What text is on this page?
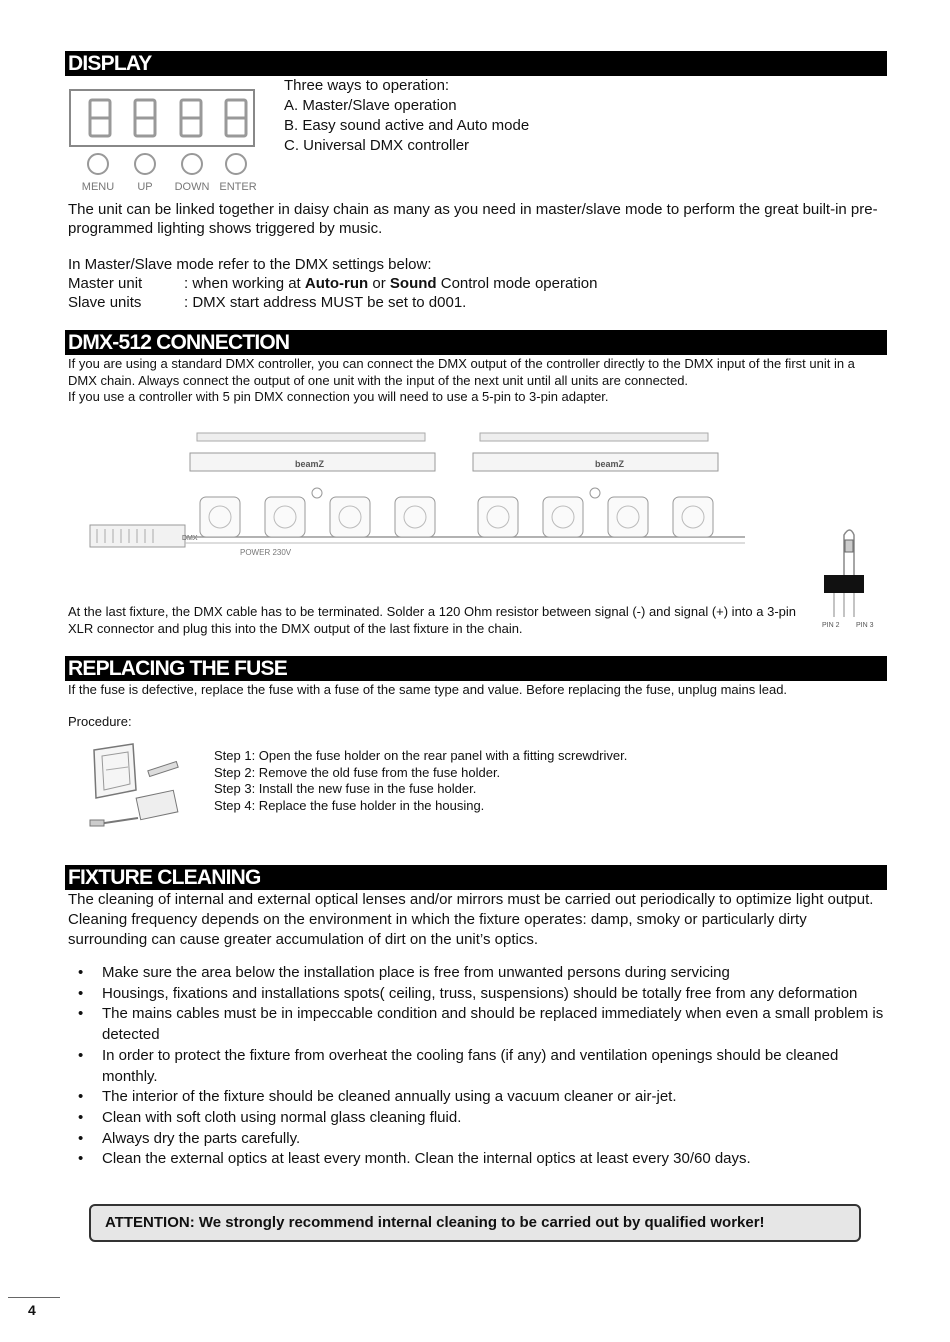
DISPLAY
MENU UP DOWN ENTER
Three ways to operation:
A. Master/Slave operation
B. Easy sound active and Auto mode
C. Universal DMX controller
The unit can be linked together in daisy chain as many as you need in master/slave mode to perform the great built-in pre-programmed lighting shows triggered by music.
In Master/Slave mode refer to the DMX settings below:
Master unit	: when working at Auto-run or Sound Control mode operation
Slave units	: DMX start address MUST be set to d001.
DMX-512 CONNECTION
If you are using a standard DMX controller, you can connect the DMX output of the controller directly to the DMX input of the first unit in a DMX chain. Always connect the output of one unit with the input of the next unit until all units are connected.
If you use a controller with 5 pin DMX connection you will need to use a 5-pin to 3-pin adapter.
DMX
POWER 230V
beamZ	beamZ
PIN 2 PIN 3
At the last fixture, the DMX cable has to be terminated. Solder a 120 Ohm resistor between signal (-) and signal (+) into a 3-pin XLR connector and plug this into the DMX output of the last fixture in the chain.
REPLACING THE FUSE
If the fuse is defective, replace the fuse with a fuse of the same type and value. Before replacing the fuse, unplug mains lead.
Procedure:
Step 1: Open the fuse holder on the rear panel with a fitting screwdriver.
Step 2: Remove the old fuse from the fuse holder.
Step 3: Install the new fuse in the fuse holder.
Step 4: Replace the fuse holder in the housing.
FIXTURE CLEANING
The cleaning of internal and external optical lenses and/or mirrors must be carried out periodically to optimize light output. Cleaning frequency depends on the environment in which the fixture operates: damp, smoky or particularly dirty surrounding can cause greater accumulation of dirt on the unit’s optics.
• Make sure the area below the installation place is free from unwanted persons during servicing
• Housings, fixations and installations spots( ceiling, truss, suspensions) should be totally free from any deformation
• The mains cables must be in impeccable condition and should be replaced immediately when even a small problem is detected
• In order to protect the fixture from overheat the cooling fans (if any) and ventilation openings should be cleaned monthly.
• The interior of the fixture should be cleaned annually using a vacuum cleaner or air-jet.
• Clean with soft cloth using normal glass cleaning fluid.
• Always dry the parts carefully.
• Clean the external optics at least every month. Clean the internal optics at least every 30/60 days.
ATTENTION: We strongly recommend internal cleaning to be carried out by qualified worker!
4
